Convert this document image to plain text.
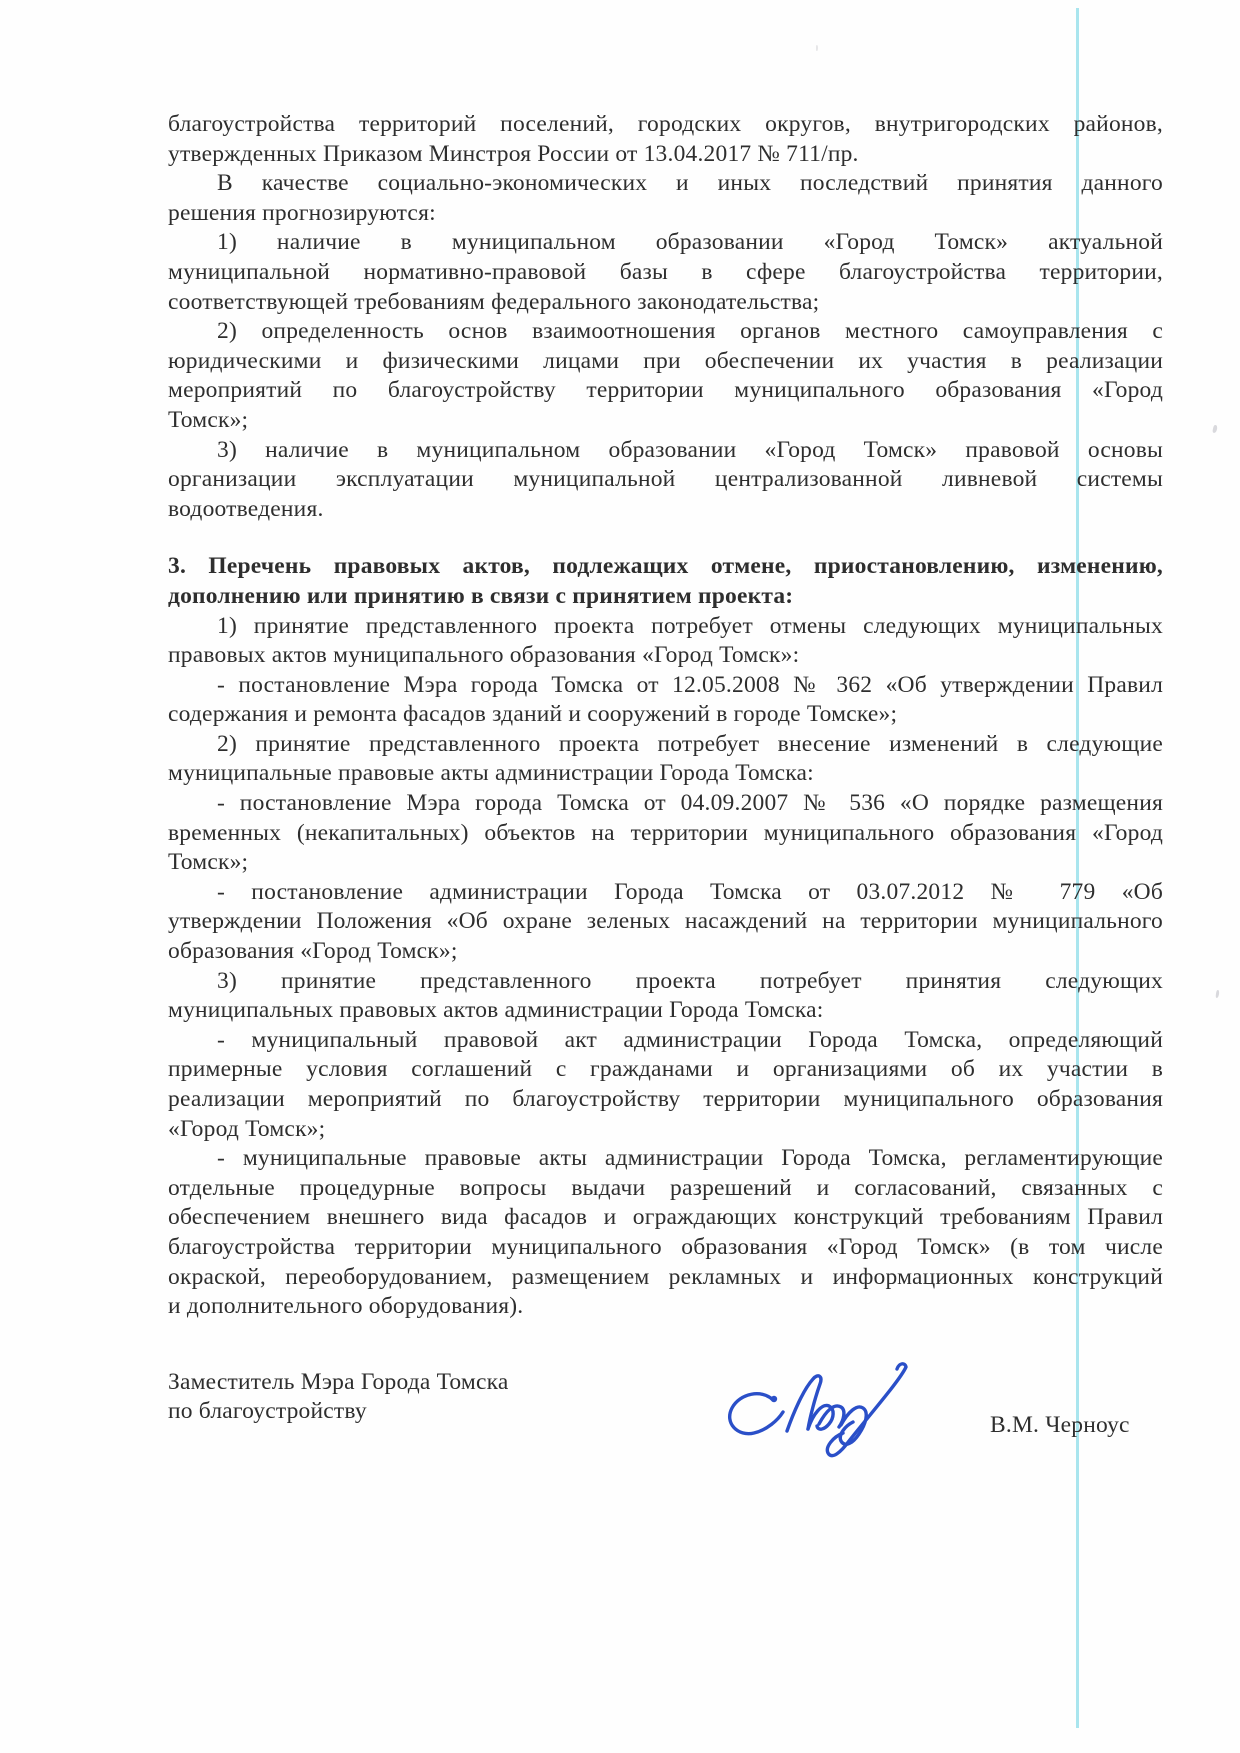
благоустройства территорий поселений, городских округов, внутригородских районов,
утвержденных Приказом Минстроя России от 13.04.2017 № 711/пр.
В качестве социально-экономических и иных последствий принятия данного
решения прогнозируются:
1) наличие в муниципальном образовании «Город Томск» актуальной
муниципальной нормативно-правовой базы в сфере благоустройства территории,
соответствующей требованиям федерального законодательства;
2) определенность основ взаимоотношения органов местного самоуправления с
юридическими и физическими лицами при обеспечении их участия в реализации
мероприятий по благоустройству территории муниципального образования «Город
Томск»;
3) наличие в муниципальном образовании «Город Томск» правовой основы
организации эксплуатации муниципальной централизованной ливневой системы
водоотведения.
3. Перечень правовых актов, подлежащих отмене, приостановлению, изменению,
дополнению или принятию в связи с принятием проекта:
1) принятие представленного проекта потребует отмены следующих муниципальных
правовых актов муниципального образования «Город Томск»:
- постановление Мэра города Томска от 12.05.2008 № 362 «Об утверждении Правил
содержания и ремонта фасадов зданий и сооружений в городе Томске»;
2) принятие представленного проекта потребует внесение изменений в следующие
муниципальные правовые акты администрации Города Томска:
- постановление Мэра города Томска от 04.09.2007 № 536 «О порядке размещения
временных (некапитальных) объектов на территории муниципального образования «Город
Томск»;
- постановление администрации Города Томска от 03.07.2012 № 779 «Об
утверждении Положения «Об охране зеленых насаждений на территории муниципального
образования «Город Томск»;
3) принятие представленного проекта потребует принятия следующих
муниципальных правовых актов администрации Города Томска:
- муниципальный правовой акт администрации Города Томска, определяющий
примерные условия соглашений с гражданами и организациями об их участии в
реализации мероприятий по благоустройству территории муниципального образования
«Город Томск»;
- муниципальные правовые акты администрации Города Томска, регламентирующие
отдельные процедурные вопросы выдачи разрешений и согласований, связанных с
обеспечением внешнего вида фасадов и ограждающих конструкций требованиям Правил
благоустройства территории муниципального образования «Город Томск» (в том числе
окраской, переоборудованием, размещением рекламных и информационных конструкций
и дополнительного оборудования).
Заместитель Мэра Города Томска
по благоустройству
В.М. Черноус
